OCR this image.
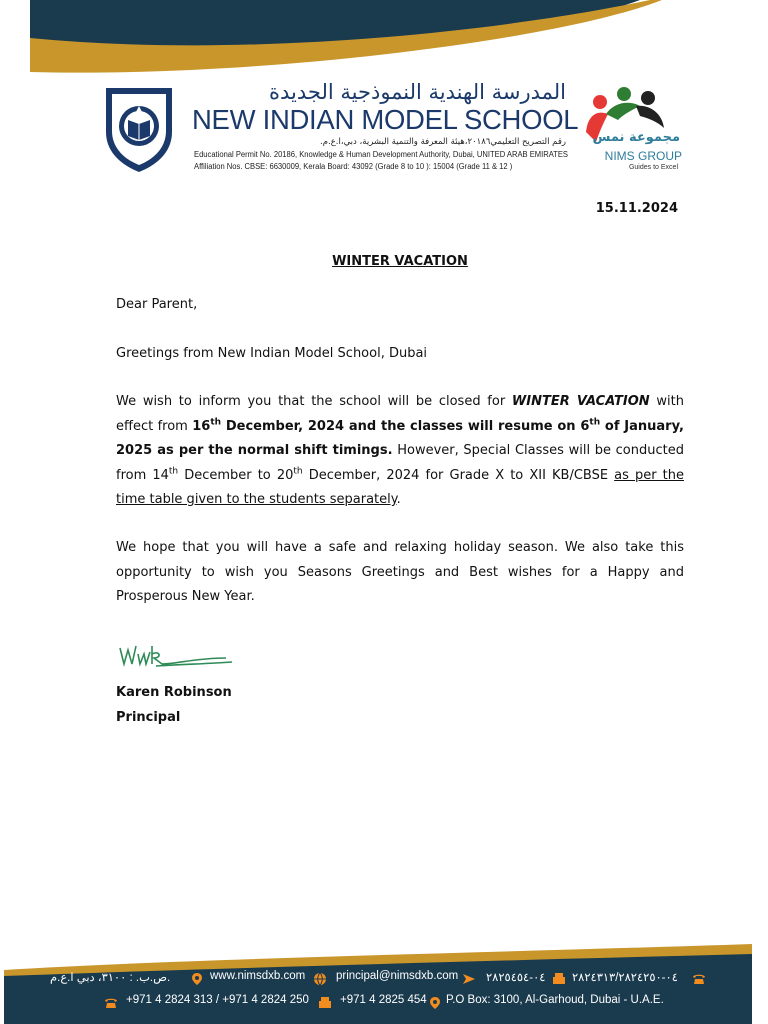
المدرسة الهندية النموذجية الجديدة
NEW INDIAN MODEL SCHOOL
رقم التصريح التعليمي٢٠١٨٦،هيئة المعرفة والتنمية البشرية، دبي،ا.ع.م.
Educational Permit No. 20186, Knowledge & Human Development Authority, Dubai, UNITED ARAB EMIRATES
Affiliation Nos. CBSE: 6630009, Kerala Board: 43092 (Grade 8 to 10 ): 15004 (Grade 11 & 12 )
مجموعة نمس
NIMS GROUP
Guides to Excel
15.11.2024
WINTER VACATION
Dear Parent,
Greetings from New Indian Model School, Dubai
We wish to inform you that the school will be closed for WINTER VACATION with effect from 16th December, 2024 and the classes will resume on 6th of January, 2025 as per the normal shift timings. However, Special Classes will be conducted from 14th December to 20th December, 2024 for Grade X to XII KB/CBSE as per the time table given to the students separately.
We hope that you will have a safe and relaxing holiday season. We also take this opportunity to wish you Seasons Greetings and Best wishes for a Happy and Prosperous New Year.
Karen Robinson
Principal
ص.ب. : ٣١٠٠، دبي ا.ع.م.	www.nimsdxb.com	principal@nimsdxb.com ٠٤-٢٨٢٥٤٥٤ ٠٤-٢٨٢٤٣١٣/٢٨٢٤٢٥٠
+971 4 2824 313 / +971 4 2824 250	+971 4 2825 454 P.O Box: 3100, Al-Garhoud, Dubai - U.A.E.
